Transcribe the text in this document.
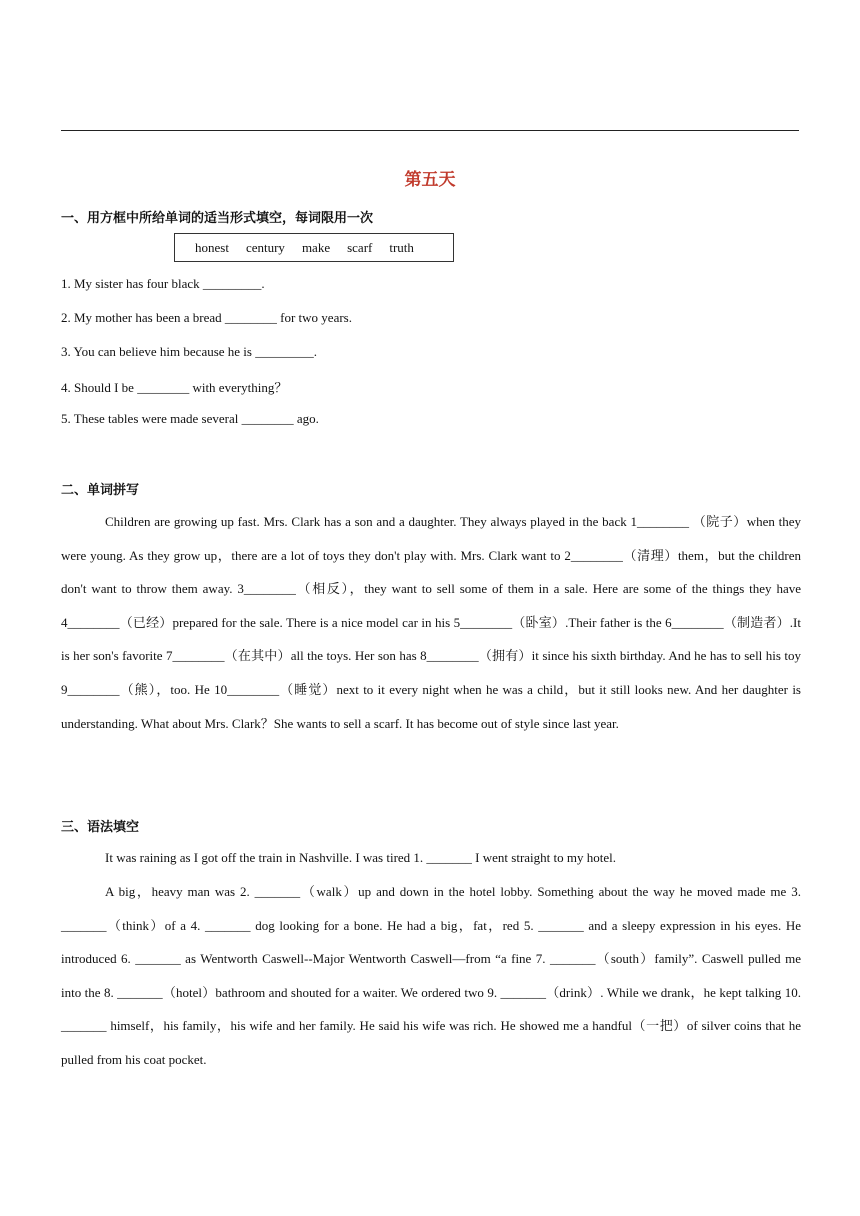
第五天
一、用方框中所给单词的适当形式填空，每词限用一次
honest century make scarf truth
1. My sister has four black _________.
2. My mother has been a bread ________ for two years.
3. You can believe him because he is _________.
4. Should I be ________ with everything？
5. These tables were made several ________ ago.
二、单词拼写
Children are growing up fast. Mrs. Clark has a son and a daughter. They always played in the back 1________ （院子）when they were young. As they grow up，there are a lot of toys they don't play with. Mrs. Clark want to 2________（清理）them，but the children don't want to throw them away. 3________（相反），they want to sell some of them in a sale. Here are some of the things they have 4________（已经）prepared for the sale. There is a nice model car in his 5________（卧室）.Their father is the 6________（制造者）.It is her son's favorite 7________（在其中）all the toys. Her son has 8________（拥有）it since his sixth birthday. And he has to sell his toy 9________（熊），too. He 10________（睡觉）next to it every night when he was a child，but it still looks new. And her daughter is understanding. What about Mrs. Clark？She wants to sell a scarf. It has become out of style since last year.
三、语法填空
It was raining as I got off the train in Nashville. I was tired 1. _______ I went straight to my hotel.
A big，heavy man was 2. _______（walk）up and down in the hotel lobby. Something about the way he moved made me 3. _______（think）of a 4. _______ dog looking for a bone. He had a big，fat，red 5. _______ and a sleepy expression in his eyes. He introduced 6. _______ as Wentworth Caswell--Major Wentworth Caswell—from “a fine 7. _______（south）family”. Caswell pulled me into the 8. _______（hotel）bathroom and shouted for a waiter. We ordered two 9. _______（drink）. While we drank，he kept talking 10. _______ himself，his family，his wife and her family. He said his wife was rich. He showed me a handful（一把）of silver coins that he pulled from his coat pocket.
